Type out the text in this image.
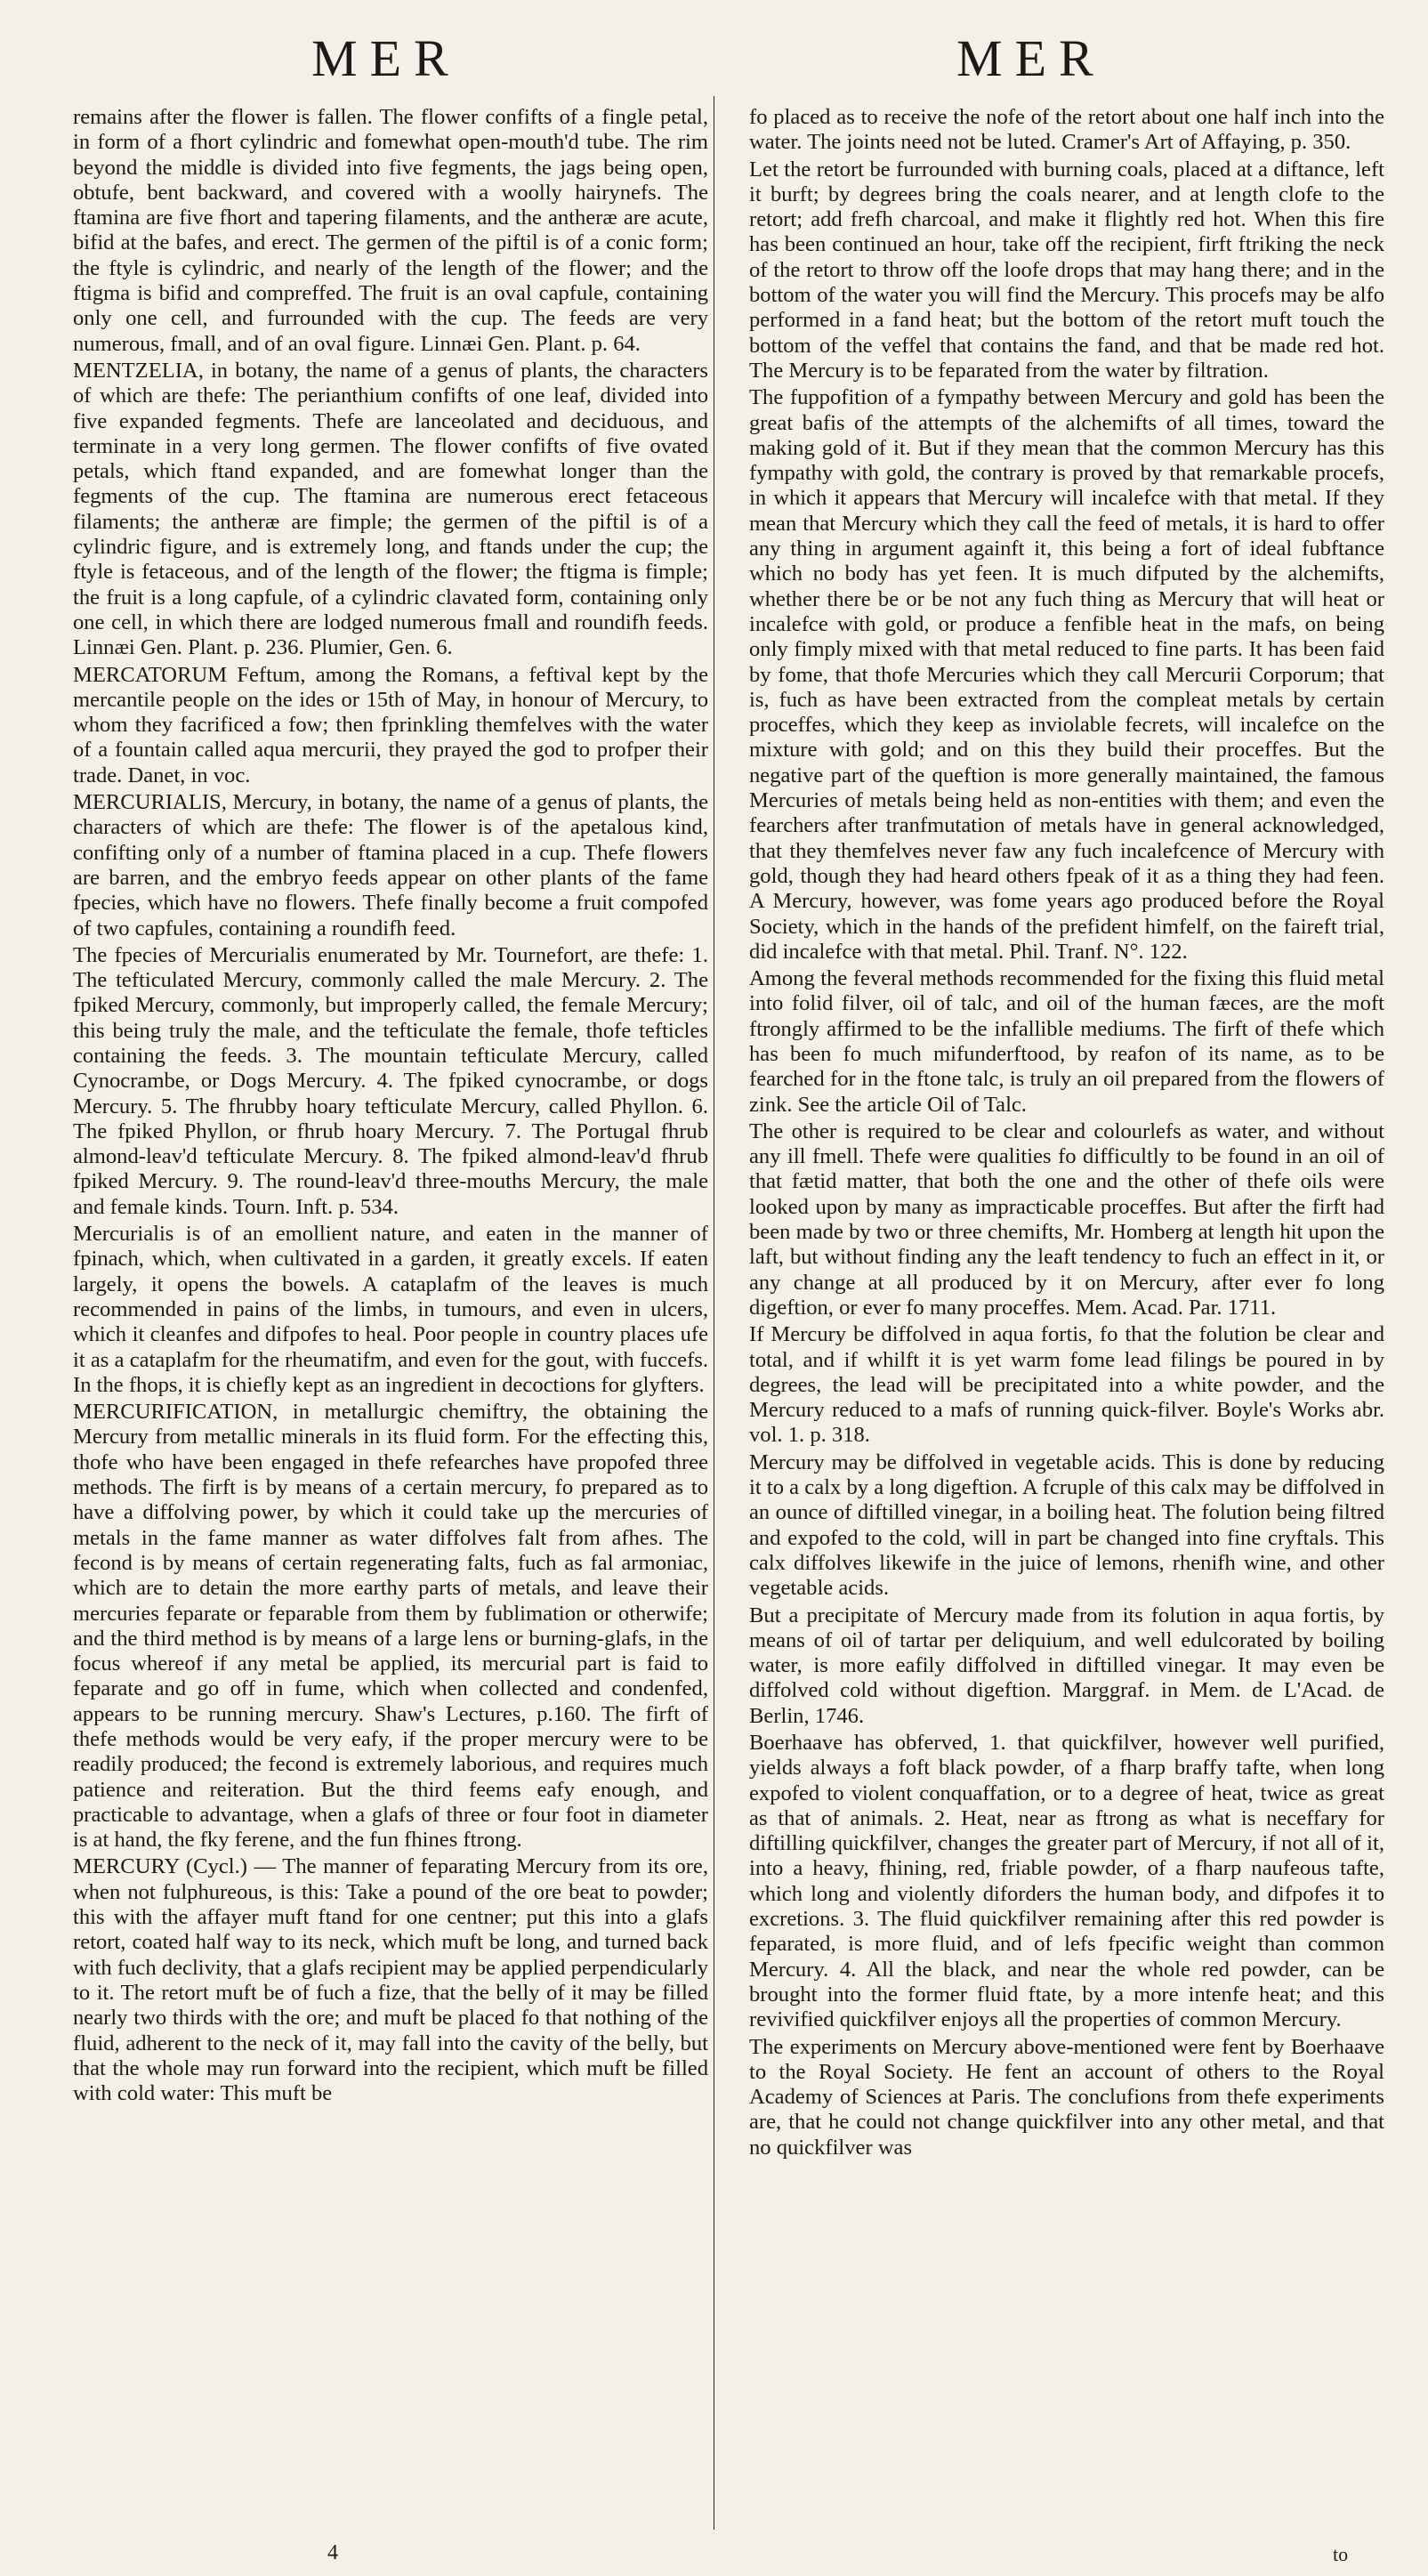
MER	MER

remains after the flower is fallen. The flower confifts of a fingle petal, in form of a fhort cylindric and fomewhat open-mouth'd tube. The rim beyond the middle is divided into five fegments, the jags being open, obtufe, bent backward, and covered with a woolly hairynefs. The ftamina are five fhort and tapering filaments, and the antheræ are acute, bifid at the bafes, and erect. The germen of the piftil is of a conic form; the ftyle is cylindric, and nearly of the length of the flower; and the ftigma is bifid and compreffed. The fruit is an oval capfule, containing only one cell, and furrounded with the cup. The feeds are very numerous, fmall, and of an oval figure. Linnæi Gen. Plant. p. 64.

MENTZELIA, in botany, the name of a genus of plants, the characters of which are thefe: The perianthium confifts of one leaf, divided into five expanded fegments. Thefe are lanceolated and deciduous, and terminate in a very long germen. The flower confifts of five ovated petals, which ftand expanded, and are fomewhat longer than the fegments of the cup. The ftamina are numerous erect fetaceous filaments; the antheræ are fimple; the germen of the piftil is of a cylindric figure, and is extremely long, and ftands under the cup; the ftyle is fetaceous, and of the length of the flower; the ftigma is fimple; the fruit is a long capfule, of a cylindric clavated form, containing only one cell, in which there are lodged numerous fmall and roundifh feeds. Linnæi Gen. Plant. p. 236. Plumier, Gen. 6.

MERCATORUM Feftum, among the Romans, a feftival kept by the mercantile people on the ides or 15th of May, in honour of Mercury, to whom they facrificed a fow; then fprinkling themfelves with the water of a fountain called aqua mercurii, they prayed the god to profper their trade. Danet, in voc.

MERCURIALIS, Mercury, in botany, the name of a genus of plants, the characters of which are thefe: The flower is of the apetalous kind, confifting only of a number of ftamina placed in a cup. Thefe flowers are barren, and the embryo feeds appear on other plants of the fame fpecies, which have no flowers. Thefe finally become a fruit compofed of two capfules, containing a roundifh feed.

The fpecies of Mercurialis enumerated by Mr. Tournefort, are thefe: 1. The tefticulated Mercury, commonly called the male Mercury. 2. The fpiked Mercury, commonly, but improperly called, the female Mercury; this being truly the male, and the tefticulate the female, thofe tefticles containing the feeds. 3. The mountain tefticulate Mercury, called Cynocrambe, or Dogs Mercury. 4. The fpiked cynocrambe, or dogs Mercury. 5. The fhrubby hoary tefticulate Mercury, called Phyllon. 6. The fpiked Phyllon, or fhrub hoary Mercury. 7. The Portugal fhrub almond-leav'd tefticulate Mercury. 8. The fpiked almond-leav'd fhrub fpiked Mercury. 9. The round-leav'd three-mouths Mercury, the male and female kinds. Tourn. Inft. p. 534.

Mercurialis is of an emollient nature, and eaten in the manner of fpinach, which, when cultivated in a garden, it greatly excels. If eaten largely, it opens the bowels. A cataplafm of the leaves is much recommended in pains of the limbs, in tumours, and even in ulcers, which it cleanfes and difpofes to heal. Poor people in country places ufe it as a cataplafm for the rheumatifm, and even for the gout, with fuccefs. In the fhops, it is chiefly kept as an ingredient in decoctions for glyfters.

MERCURIFICATION, in metallurgic chemiftry, the obtaining the Mercury from metallic minerals in its fluid form. For the effecting this, thofe who have been engaged in thefe refearches have propofed three methods. The firft is by means of a certain mercury, fo prepared as to have a diffolving power, by which it could take up the mercuries of metals in the fame manner as water diffolves falt from afhes. The fecond is by means of certain regenerating falts, fuch as fal armoniac, which are to detain the more earthy parts of metals, and leave their mercuries feparate or feparable from them by fublimation or otherwife; and the third method is by means of a large lens or burning-glafs, in the focus whereof if any metal be applied, its mercurial part is faid to feparate and go off in fume, which when collected and condenfed, appears to be running mercury. Shaw's Lectures, p.160. The firft of thefe methods would be very eafy, if the proper mercury were to be readily produced; the fecond is extremely laborious, and requires much patience and reiteration. But the third feems eafy enough, and practicable to advantage, when a glafs of three or four foot in diameter is at hand, the fky ferene, and the fun fhines ftrong.

MERCURY (Cycl.) — The manner of feparating Mercury from its ore, when not fulphureous, is this: Take a pound of the ore beat to powder; this with the affayer muft ftand for one centner; put this into a glafs retort, coated half way to its neck, which muft be long, and turned back with fuch declivity, that a glafs recipient may be applied perpendicularly to it. The retort muft be of fuch a fize, that the belly of it may be filled nearly two thirds with the ore; and muft be placed fo that nothing of the fluid, adherent to the neck of it, may fall into the cavity of the belly, but that the whole may run forward into the recipient, which muft be filled with cold water: This muft be

fo placed as to receive the nofe of the retort about one half inch into the water. The joints need not be luted. Cramer's Art of Affaying, p. 350.

Let the retort be furrounded with burning coals, placed at a diftance, left it burft; by degrees bring the coals nearer, and at length clofe to the retort; add frefh charcoal, and make it flightly red hot. When this fire has been continued an hour, take off the recipient, firft ftriking the neck of the retort to throw off the loofe drops that may hang there; and in the bottom of the water you will find the Mercury. This procefs may be alfo performed in a fand heat; but the bottom of the retort muft touch the bottom of the veffel that contains the fand, and that be made red hot. The Mercury is to be feparated from the water by filtration.

The fuppofition of a fympathy between Mercury and gold has been the great bafis of the attempts of the alchemifts of all times, toward the making gold of it. But if they mean that the common Mercury has this fympathy with gold, the contrary is proved by that remarkable procefs, in which it appears that Mercury will incalefce with that metal. If they mean that Mercury which they call the feed of metals, it is hard to offer any thing in argument againft it, this being a fort of ideal fubftance which no body has yet feen. It is much difputed by the alchemifts, whether there be or be not any fuch thing as Mercury that will heat or incalefce with gold, or produce a fenfible heat in the mafs, on being only fimply mixed with that metal reduced to fine parts. It has been faid by fome, that thofe Mercuries which they call Mercurii Corporum; that is, fuch as have been extracted from the compleat metals by certain proceffes, which they keep as inviolable fecrets, will incalefce on the mixture with gold; and on this they build their proceffes. But the negative part of the queftion is more generally maintained, the famous Mercuries of metals being held as non-entities with them; and even the fearchers after tranfmutation of metals have in general acknowledged, that they themfelves never faw any fuch incalefcence of Mercury with gold, though they had heard others fpeak of it as a thing they had feen. A Mercury, however, was fome years ago produced before the Royal Society, which in the hands of the prefident himfelf, on the faireft trial, did incalefce with that metal. Phil. Tranf. N°. 122.

Among the feveral methods recommended for the fixing this fluid metal into folid filver, oil of talc, and oil of the human fæces, are the moft ftrongly affirmed to be the infallible mediums. The firft of thefe which has been fo much mifunderftood, by reafon of its name, as to be fearched for in the ftone talc, is truly an oil prepared from the flowers of zink. See the article Oil of Talc.

The other is required to be clear and colourlefs as water, and without any ill fmell. Thefe were qualities fo difficultly to be found in an oil of that fætid matter, that both the one and the other of thefe oils were looked upon by many as impracticable proceffes. But after the firft had been made by two or three chemifts, Mr. Homberg at length hit upon the laft, but without finding any the leaft tendency to fuch an effect in it, or any change at all produced by it on Mercury, after ever fo long digeftion, or ever fo many proceffes. Mem. Acad. Par. 1711.

If Mercury be diffolved in aqua fortis, fo that the folution be clear and total, and if whilft it is yet warm fome lead filings be poured in by degrees, the lead will be precipitated into a white powder, and the Mercury reduced to a mafs of running quick-filver. Boyle's Works abr. vol. 1. p. 318.

Mercury may be diffolved in vegetable acids. This is done by reducing it to a calx by a long digeftion. A fcruple of this calx may be diffolved in an ounce of diftilled vinegar, in a boiling heat. The folution being filtred and expofed to the cold, will in part be changed into fine cryftals. This calx diffolves likewife in the juice of lemons, rhenifh wine, and other vegetable acids.

But a precipitate of Mercury made from its folution in aqua fortis, by means of oil of tartar per deliquium, and well edulcorated by boiling water, is more eafily diffolved in diftilled vinegar. It may even be diffolved cold without digeftion. Marggraf. in Mem. de L'Acad. de Berlin, 1746.

Boerhaave has obferved, 1. that quickfilver, however well purified, yields always a foft black powder, of a fharp braffy tafte, when long expofed to violent conquaffation, or to a degree of heat, twice as great as that of animals. 2. Heat, near as ftrong as what is neceffary for diftilling quickfilver, changes the greater part of Mercury, if not all of it, into a heavy, fhining, red, friable powder, of a fharp naufeous tafte, which long and violently diforders the human body, and difpofes it to excretions. 3. The fluid quickfilver remaining after this red powder is feparated, is more fluid, and of lefs fpecific weight than common Mercury. 4. All the black, and near the whole red powder, can be brought into the former fluid ftate, by a more intenfe heat; and this revivified quickfilver enjoys all the properties of common Mercury.

The experiments on Mercury above-mentioned were fent by Boerhaave to the Royal Society. He fent an account of others to the Royal Academy of Sciences at Paris. The conclufions from thefe experiments are, that he could not change quickfilver into any other metal, and that no quickfilver was

4	to
